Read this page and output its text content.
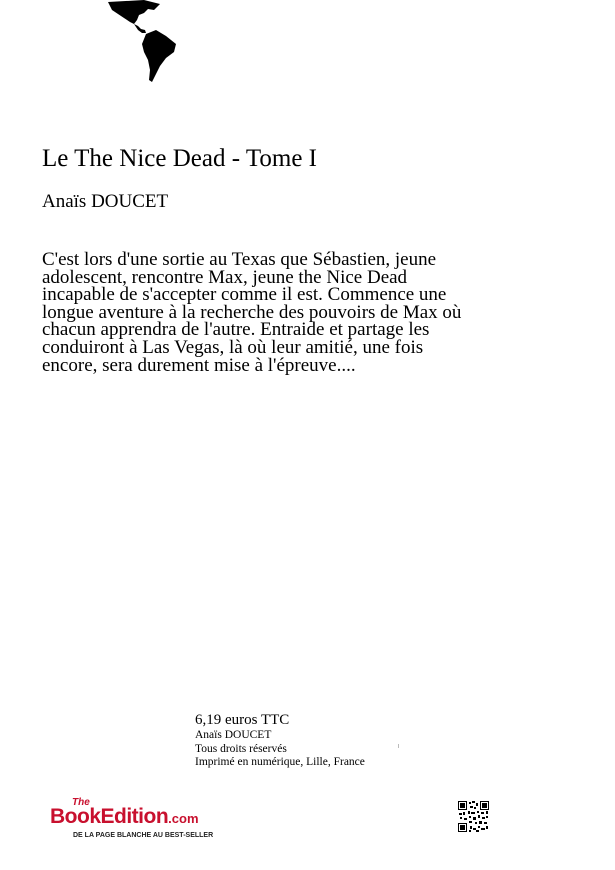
Le The Nice Dead - Tome I
Anaïs DOUCET

C'est lors d'une sortie au Texas que Sébastien, jeune adolescent, rencontre Max, jeune the Nice Dead incapable de s'accepter comme il est. Commence une longue aventure à la recherche des pouvoirs de Max où chacun apprendra de l'autre. Entraide et partage les conduiront à Las Vegas, là où leur amitié, une fois encore, sera durement mise à l'épreuve....

6,19 euros TTC
Anaïs DOUCET
Tous droits réservés
Imprimé en numérique, Lille, France
The
BookEdition.com
DE LA PAGE BLANCHE AU BEST-SELLER
